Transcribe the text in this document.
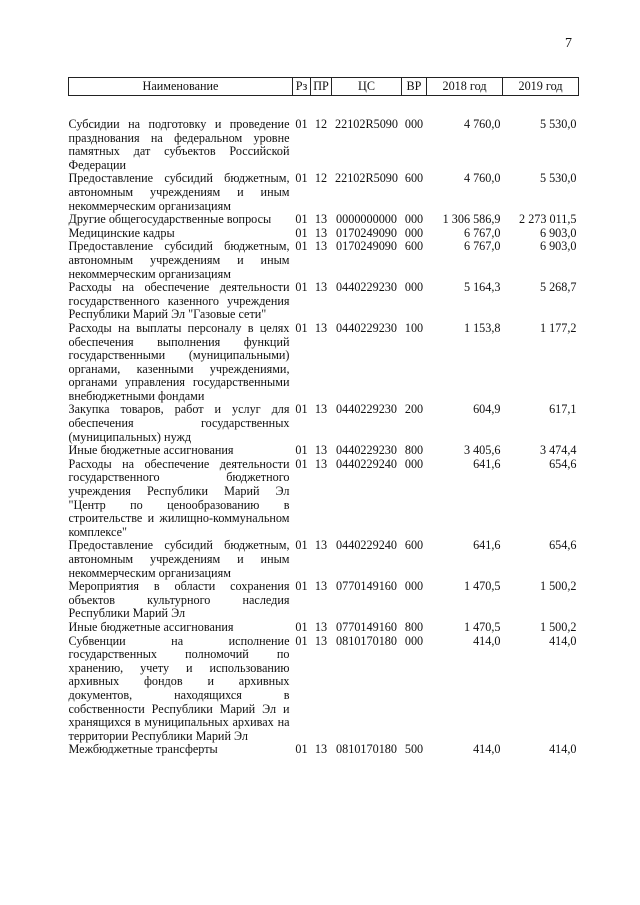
7
Наименование	Рз	ПР	ЦС	ВР	2018 год	2019 год

Субсидии на подготовку и проведение празднования на федеральном уровне памятных дат субъектов Российской Федерации	01	12	22102R5090	000	4 760,0	5 530,0
Предоставление субсидий бюджетным, автономным учреждениям и иным некоммерческим организациям	01	12	22102R5090	600	4 760,0	5 530,0
Другие общегосударственные вопросы	01	13	0000000000	000	1 306 586,9	2 273 011,5
Медицинские кадры	01	13	0170249090	000	6 767,0	6 903,0
Предоставление субсидий бюджетным, автономным учреждениям и иным некоммерческим организациям	01	13	0170249090	600	6 767,0	6 903,0
Расходы на обеспечение деятельности государственного казенного учреждения Республики Марий Эл "Газовые сети"	01	13	0440229230	000	5 164,3	5 268,7
Расходы на выплаты персоналу в целях обеспечения выполнения функций государственными (муниципальными) органами, казенными учреждениями, органами управления государственными внебюджетными фондами	01	13	0440229230	100	1 153,8	1 177,2
Закупка товаров, работ и услуг для обеспечения государственных (муниципальных) нужд	01	13	0440229230	200	604,9	617,1
Иные бюджетные ассигнования	01	13	0440229230	800	3 405,6	3 474,4
Расходы на обеспечение деятельности государственного бюджетного учреждения Республики Марий Эл "Центр по ценообразованию в строительстве и жилищно-коммунальном комплексе"	01	13	0440229240	000	641,6	654,6
Предоставление субсидий бюджетным, автономным учреждениям и иным некоммерческим организациям	01	13	0440229240	600	641,6	654,6
Мероприятия в области сохранения объектов культурного наследия Республики Марий Эл	01	13	0770149160	000	1 470,5	1 500,2
Иные бюджетные ассигнования	01	13	0770149160	800	1 470,5	1 500,2
Субвенции на исполнение государственных полномочий по хранению, учету и использованию архивных фондов и архивных документов, находящихся в собственности Республики Марий Эл и хранящихся в муниципальных архивах на территории Республики Марий Эл	01	13	0810170180	000	414,0	414,0
Межбюджетные трансферты	01	13	0810170180	500	414,0	414,0
